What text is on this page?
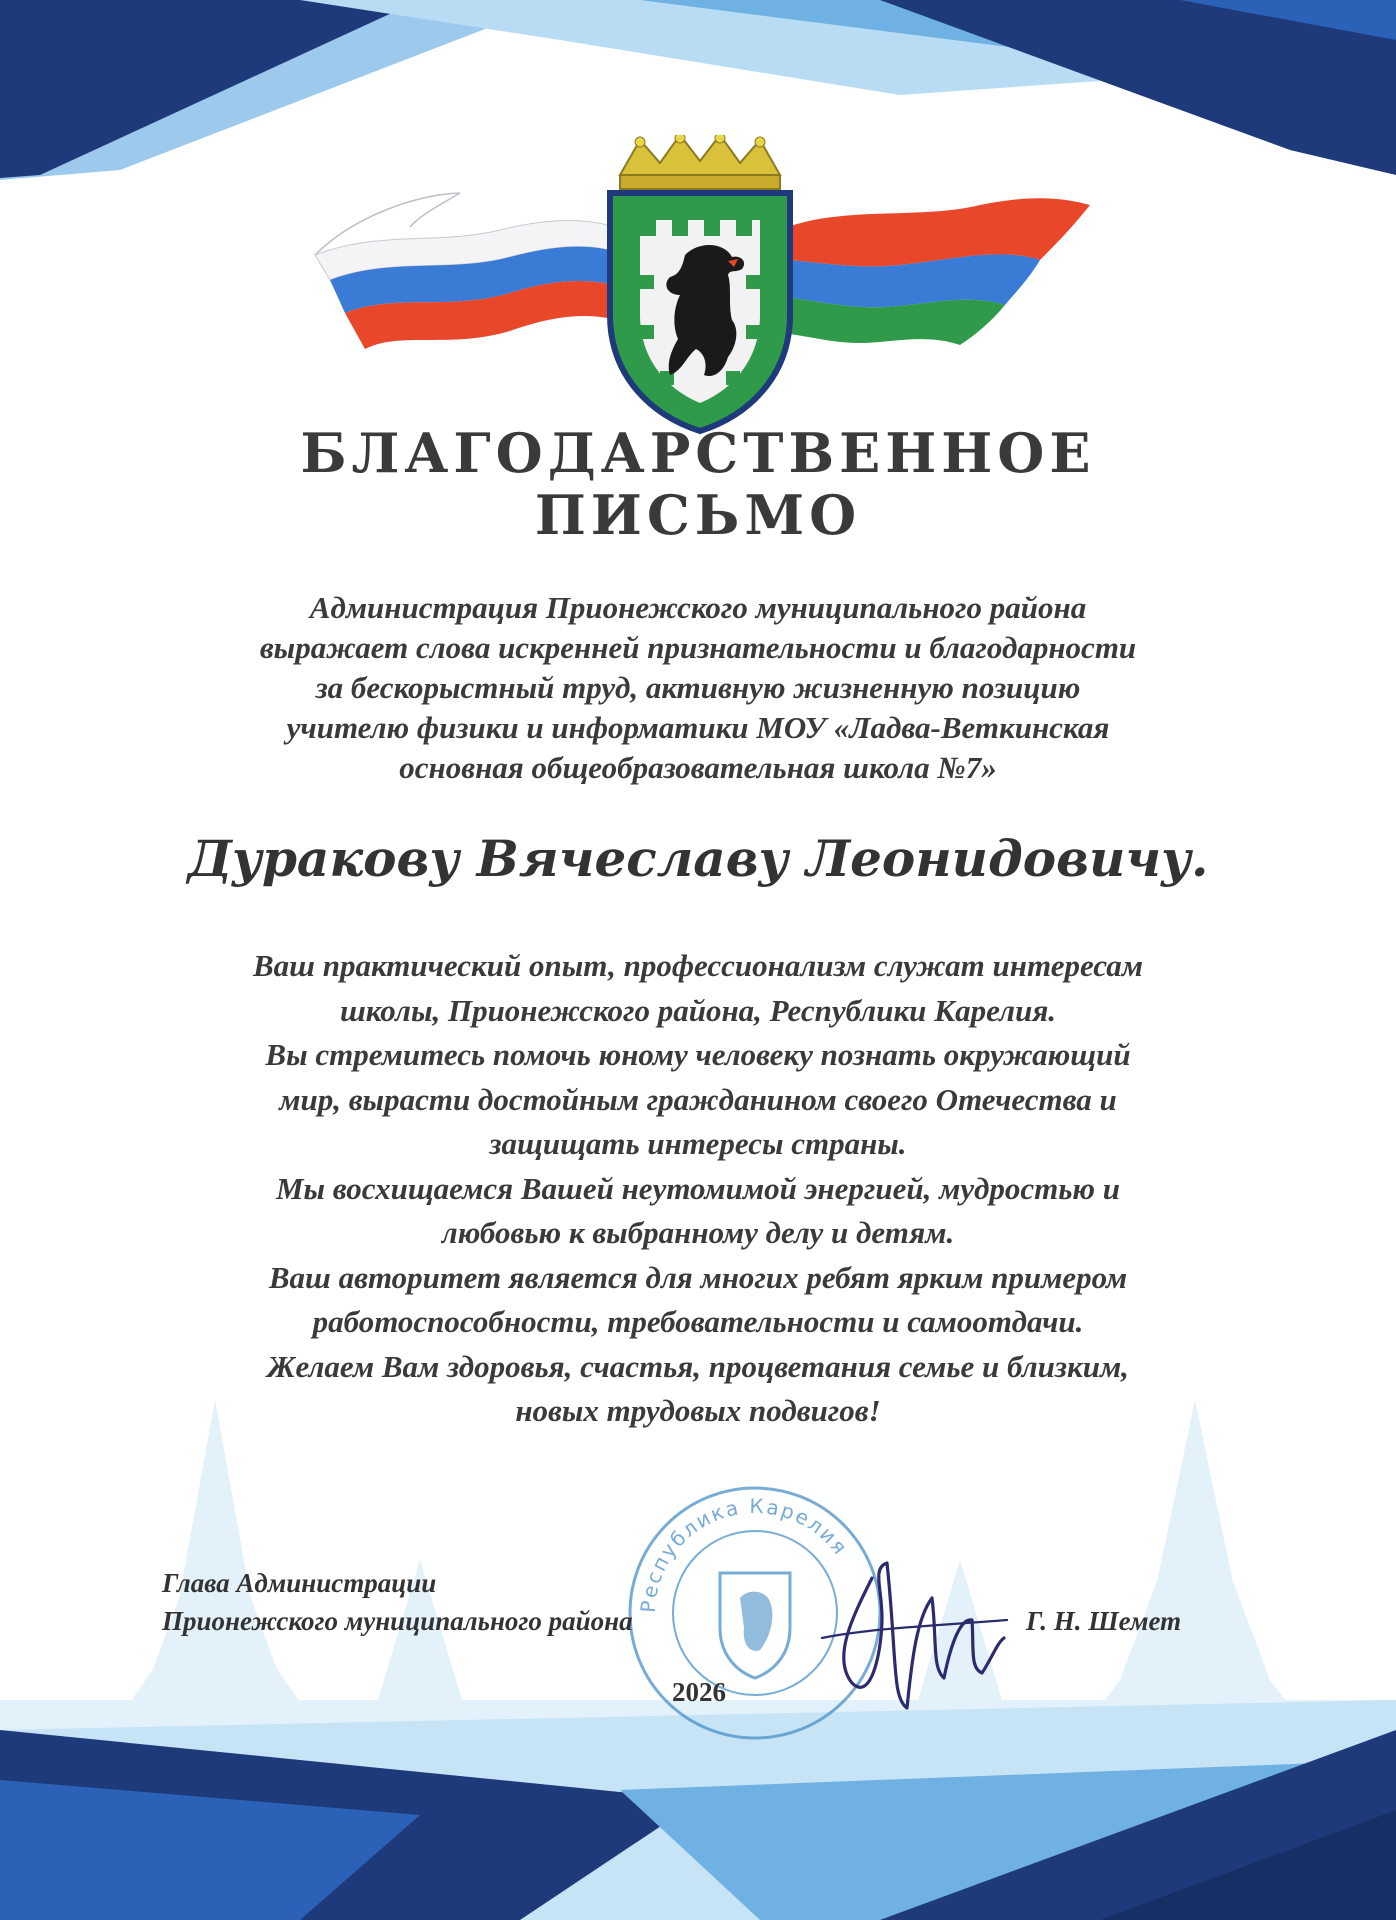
БЛАГОДАРСТВЕННОЕ
ПИСЬМО
Администрация Прионежского муниципального района
выражает слова искренней признательности и благодарности
за бескорыстный труд, активную жизненную позицию
учителю физики и информатики МОУ «Ладва-Веткинская
основная общеобразовательная школа №7»
Дуракову Вячеславу Леонидовичу.
Ваш практический опыт, профессионализм служат интересам
школы, Прионежского района, Республики Карелия.
Вы стремитесь помочь юному человеку познать окружающий
мир, вырасти достойным гражданином своего Отечества и
защищать интересы страны.
Мы восхищаемся Вашей неутомимой энергией, мудростью и
любовью к выбранному делу и детям.
Ваш авторитет является для многих ребят ярким примером
работоспособности, требовательности и самоотдачи.
Желаем Вам здоровья, счастья, процветания семье и близким,
новых трудовых подвигов!
Республика Карелия
Глава Администрации
Прионежского муниципального района	Г. Н. Шемет
2026
